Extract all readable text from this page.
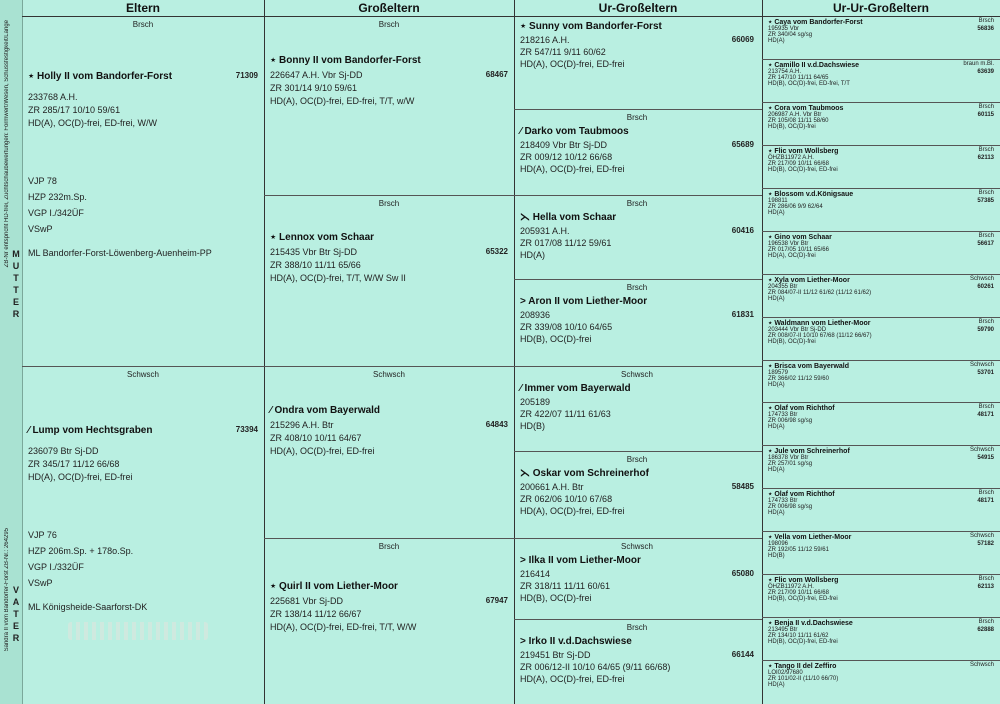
ZB-Nr entspricht HD-frei, Zuchtschaubewertungen: Formwert/Wesen, Schussfestigkeit/Lange MUTTER
Sandra II vom Bandorfer-Forst ZB-Nr.: 264295 VATER
Eltern
Brsch
⋆ Holly II vom Bandorfer-Forst	71309
233768 A.H.
ZR 285/17 10/10 59/61
HD(A), OC(D)-frei, ED-frei, W/W
VJP 78
HZP 232m.Sp.
VGP I./342ÜF
VSwP
ML Bandorfer-Forst-Löwenberg-Auenheim-PP
Schwsch
⁄ Lump vom Hechtsgraben	73394
236079 Btr Sj-DD
ZR 345/17 11/12 66/68
HD(A), OC(D)-frei, ED-frei
VJP 76
HZP 206m.Sp. + 178o.Sp.
VGP I./332ÜF
VSwP
ML Königsheide-Saarforst-DK
Großeltern
Brsch
⋆ Bonny II vom Bandorfer-Forst
226647 A.H. Vbr Sj-DD	68467
ZR 301/14 9/10 59/61
HD(A), OC(D)-frei, ED-frei, T/T, w/W
Brsch
⋆ Lennox vom Schaar
215435 Vbr Btr Sj-DD	65322
ZR 388/10 11/11 65/66
HD(A), OC(D)-frei, T/T, W/W Sw II
Schwsch
⁄ Ondra vom Bayerwald
215296 A.H. Btr	64843
ZR 408/10 10/11 64/67
HD(A), OC(D)-frei, ED-frei
Brsch
⋆ Quirl II vom Liether-Moor
225681 Vbr Sj-DD	67947
ZR 138/14 11/12 66/67
HD(A), OC(D)-frei, ED-frei, T/T, W/W
Ur-Großeltern	Ur-Ur-Großeltern
⋆ Sunny vom Bandorfer-Forst
218216 A.H.	66069
ZR 547/11 9/11 60/62
HD(A), OC(D)-frei, ED-frei
Brsch
⁄ Darko vom Taubmoos
218409 Vbr Btr Sj-DD	65689
ZR 009/12 10/12 66/68
HD(A), OC(D)-frei, ED-frei
Brsch
⋋ Hella vom Schaar
205931 A.H.	60416
ZR 017/08 11/12 59/61
HD(A)
Brsch
> Aron II vom Liether-Moor
208936	61831
ZR 339/08 10/10 64/65
HD(B), OC(D)-frei
Schwsch
⁄ Immer vom Bayerwald
205189
ZR 422/07 11/11 61/63
HD(B)
Brsch
⋋ Oskar vom Schreinerhof
200661 A.H. Btr	58485
ZR 062/06 10/10 67/68
HD(A), OC(D)-frei, ED-frei
Schwsch
> Ilka II vom Liether-Moor
216414	65080
ZR 318/11 11/11 60/61
HD(B), OC(D)-frei
Brsch
> Irko II v.d.Dachswiese
219451 Btr Sj-DD	66144
ZR 006/12-II 10/10 64/65 (9/11 66/68)
HD(A), OC(D)-frei, ED-frei
⋆ Caya vom Bandorfer-Forst	Brsch
195935 Vbr	56836
ZR 340/04 sg/sg
HD(A)
⋆ Camillo II v.d.Dachswiese	braun m.Bl.
213754 A.H.	63639
ZR 147/10 11/11 64/65
HD(B), OC(D)-frei, ED-frei, T/T
⋆ Cora vom Taubmoos	Brsch
206987 A.H. Vbr Btr	60115
ZR 105/08 11/11 58/60
HD(B), OC(D)-frei
⋆ Flic vom Wollsberg	Brsch
ÖHZB11972 A.H.	62113
ZR 217/09 10/11 66/68
HD(B), OC(D)-frei, ED-frei
⋆ Blossom v.d.Königsaue	Brsch
198811	57385
ZR 286/06 9/9 62/64
HD(A)
⋆ Gino vom Schaar	Brsch
196538 Vbr Btr	56617
ZR 017/05 10/11 65/66
HD(A), OC(D)-frei
⋆ Xyla vom Liether-Moor	Schwsch
204355 Btr	60261
ZR 084/07-II 11/12 61/62 (11/12 61/62)
HD(A)
⋆ Waldmann vom Liether-Moor	Brsch
203444 Vbr Btr Sj-DD	59790
ZR 008/07-II 10/10 67/68 (11/12 66/67)
HD(B), OC(D)-frei
⋆ Brisca vom Bayerwald	Schwsch
189579	53701
ZR 366/02 11/12 59/60
HD(A)
⋆ Olaf vom Richthof	Brsch
174733 Btr	48171
ZR 006/98 sg/sg
HD(A)
⋆ Jule vom Schreinerhof	Schwsch
186378 Vbr Btr	54915
ZR 257/01 sg/sg
HD(A)
⋆ Olaf vom Richthof	Brsch
174733 Btr	48171
ZR 006/98 sg/sg
HD(A)
⋆ Vella vom Liether-Moor	Schwsch
198096	57182
ZR 192/05 11/12 59/61
HD(B)
⋆ Flic vom Wollsberg	Brsch
ÖHZB11972 A.H.	62113
ZR 217/09 10/11 66/68
HD(B), OC(D)-frei, ED-frei
⋆ Benja II v.d.Dachswiese	Brsch
213495 Btr	62888
ZR 134/10 11/11 61/62
HD(B), OC(D)-frei, ED-frei
⋆ Tango II del Zeffiro	Schwsch
LOI02/97680
ZR 101/02-II (11/10 66/70)
HD(A)
